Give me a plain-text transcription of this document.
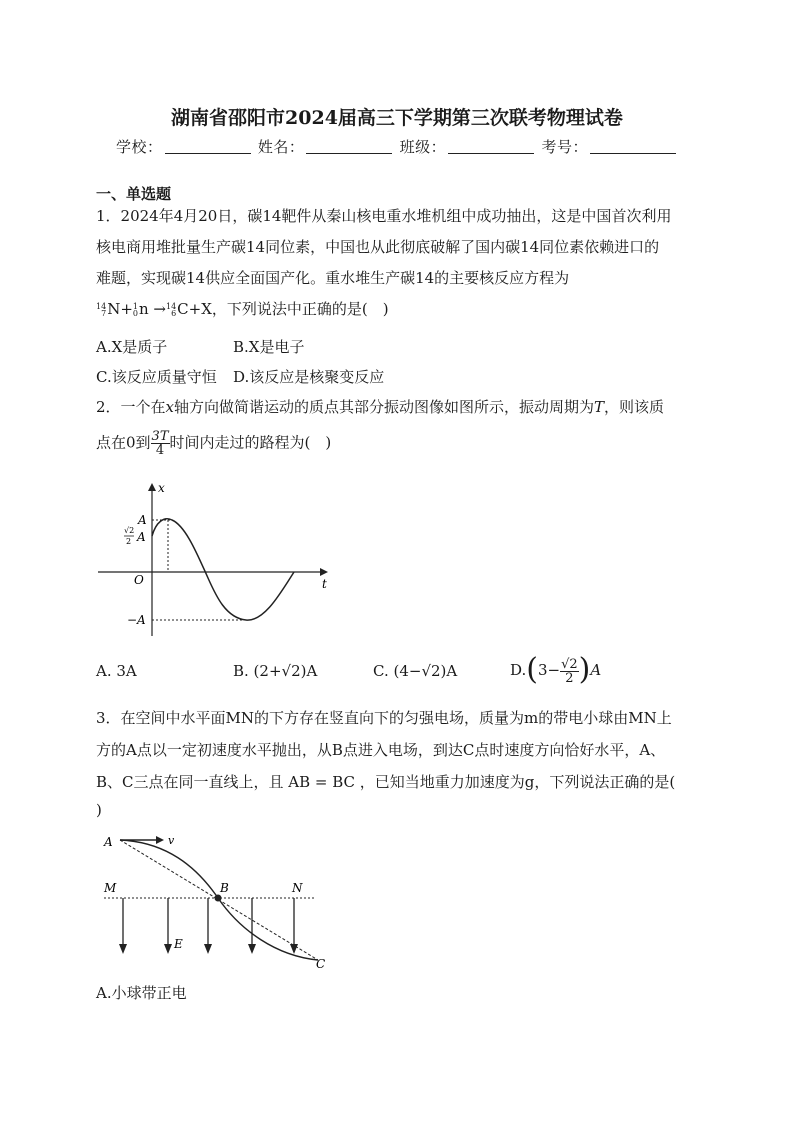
湖南省邵阳市2024届高三下学期第三次联考物理试卷
学校：	姓名：	班级：	考号：
一、单选题
1．2024年4月20日，碳14靶件从秦山核电重水堆机组中成功抽出，这是中国首次利用
核电商用堆批量生产碳14同位素，中国也从此彻底破解了国内碳14同位素依赖进口的
难题，实现碳14供应全面国产化。重水堆生产碳14的主要核反应方程为
14
7 N+ 1
0 n → 14
6 C+X，下列说法中正确的是(　)
A.X是质子	B.X是电子
C.该反应质量守恒 D.该反应是核聚变反应
2．一个在x轴方向做简谐运动的质点其部分振动图像如图所示，振动周期为T，则该质
点在0到 $\frac{3T}{4}$ 时间内走过的路程为(　)
x
t
O
A
−A
√2
2 A
A. 3A	B. (2+√2)A	C. (4−√2)A	$D.(3- \frac{√2}{2} )A$
3．在空间中水平面MN的下方存在竖直向下的匀强电场，质量为m的带电小球由MN上
方的A点以一定初速度水平抛出，从B点进入电场，到达C点时速度方向恰好水平，A、
B、C三点在同一直线上，且 AB = BC ，已知当地重力加速度为g，下列说法正确的是(
)
A	v
M	B	N
E
C
A.小球带正电
